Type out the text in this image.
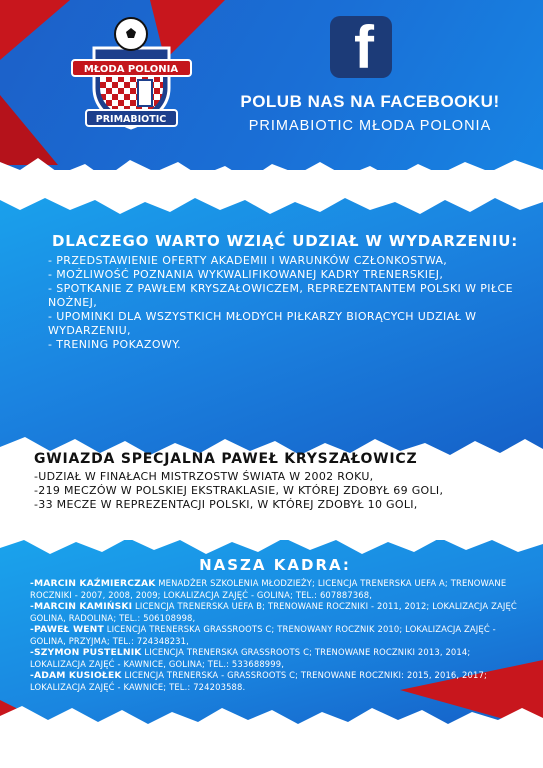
MŁODA POLONIA
PRIMABIOTIC
f
POLUB NAS NA FACEBOOKU!
PRIMABIOTIC MŁODA POLONIA
DLACZEGO WARTO WZIĄĆ UDZIAŁ W WYDARZENIU:

- PRZEDSTAWIENIE OFERTY AKADEMII I WARUNKÓW CZŁONKOSTWA,

- MOŻLIWOŚĆ POZNANIA WYKWALIFIKOWANEJ KADRY TRENERSKIEJ,

- SPOTKANIE Z PAWŁEM KRYSZAŁOWICZEM, REPREZENTANTEM POLSKI W PIŁCE NOŻNEJ,

- UPOMINKI DLA WSZYSTKICH MŁODYCH PIŁKARZY BIORĄCYCH UDZIAŁ W WYDARZENIU,

- TRENING POKAZOWY.

GWIAZDA SPECJALNA PAWEŁ KRYSZAŁOWICZ

-UDZIAŁ W FINAŁACH MISTRZOSTW ŚWIATA W 2002 ROKU,

-219 MECZÓW W POLSKIEJ EKSTRAKLASIE, W KTÓREJ ZDOBYŁ 69 GOLI,

-33 MECZE W REPREZENTACJI POLSKI, W KTÓREJ ZDOBYŁ 10 GOLI,

NASZA KADRA:

-MARCIN KAŹMIERCZAK MENADŻER SZKOLENIA MŁODZIEŻY; LICENCJA TRENERSKA UEFA A; TRENOWANE ROCZNIKI - 2007, 2008, 2009; LOKALIZACJA ZAJĘĆ - GOLINA; TEL.: 607887368,

-MARCIN KAMIŃSKI LICENCJA TRENERSKA UEFA B; TRENOWANE ROCZNIKI - 2011, 2012; LOKALIZACJA ZAJĘĆ GOLINA, RADOLINA; TEL.: 506108998,

-PAWEŁ WENT LICENCJA TRENERSKA GRASSROOTS C; TRENOWANY ROCZNIK 2010; LOKALIZACJA ZAJĘĆ - GOLINA, PRZYJMA; TEL.: 724348231,

-SZYMON PUSTELNIK LICENCJA TRENERSKA GRASSROOTS C; TRENOWANE ROCZNIKI 2013, 2014; LOKALIZACJA ZAJĘĆ - KAWNICE, GOLINA; TEL.: 533688999,

-ADAM KUSIOŁEK LICENCJA TRENERSKA - GRASSROOTS C; TRENOWANE ROCZNIKI: 2015, 2016, 2017; LOKALIZACJA ZAJĘĆ - KAWNICE; TEL.: 724203588.
